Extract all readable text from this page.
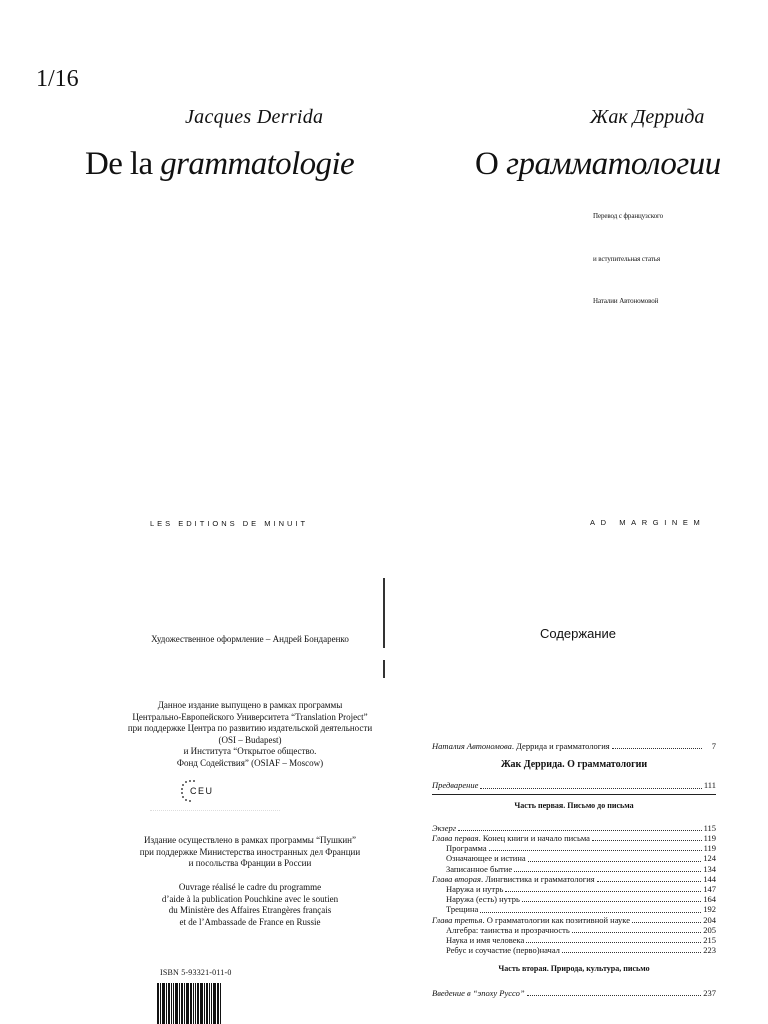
1/16
Jacques Derrida
De la grammatologie
LES EDITIONS DE MINUIT
Жак Деррида
О грамматологии
Перевод с французского
и вступительная статья
Наталии Автономовой
AD MARGINEM
Художественное оформление – Андрей Бондаренко
Данное издание выпущено в рамках программы
Центрально-Европейского Университета “Translation Project”
при поддержке Центра по развитию издательской деятельности
(OSI – Budapest)
и Института “Открытое общество.
Фонд Содействия” (OSIAF – Moscow)
CEU
Издание осуществлено в рамках программы “Пушкин”
при поддержке Министерства иностранных дел Франции
и посольства Франции в России
Ouvrage réalisé le cadre du programme
d’aide à la publication Pouchkine avec le soutien
du Ministère des Affaires Etrangères français
et de l’Ambassade de France en Russie
ISBN 5-93321-011-0
Содержание
Наталия Автономова. Деррида и грамматология	7
Жак Деррида. О грамматологии
Предварение	111
Часть первая. Письмо до письма
Экзерг	115
Глава первая. Конец книги и начало письма	119
Программа	119
Означающее и истина	124
Записанное бытие	134
Глава вторая. Лингвистика и грамматология	144
Наружа и нутрь	147
Наружа (есть) нутрь	164
Трещина	192
Глава третья. О грамматологии как позитивной науке	204
Алгебра: таинства и прозрачность	205
Наука и имя человека	215
Ребус и соучастие (перво)начал	223
Часть вторая. Природа, культура, письмо
Введение в “эпоху Руссо”	237
